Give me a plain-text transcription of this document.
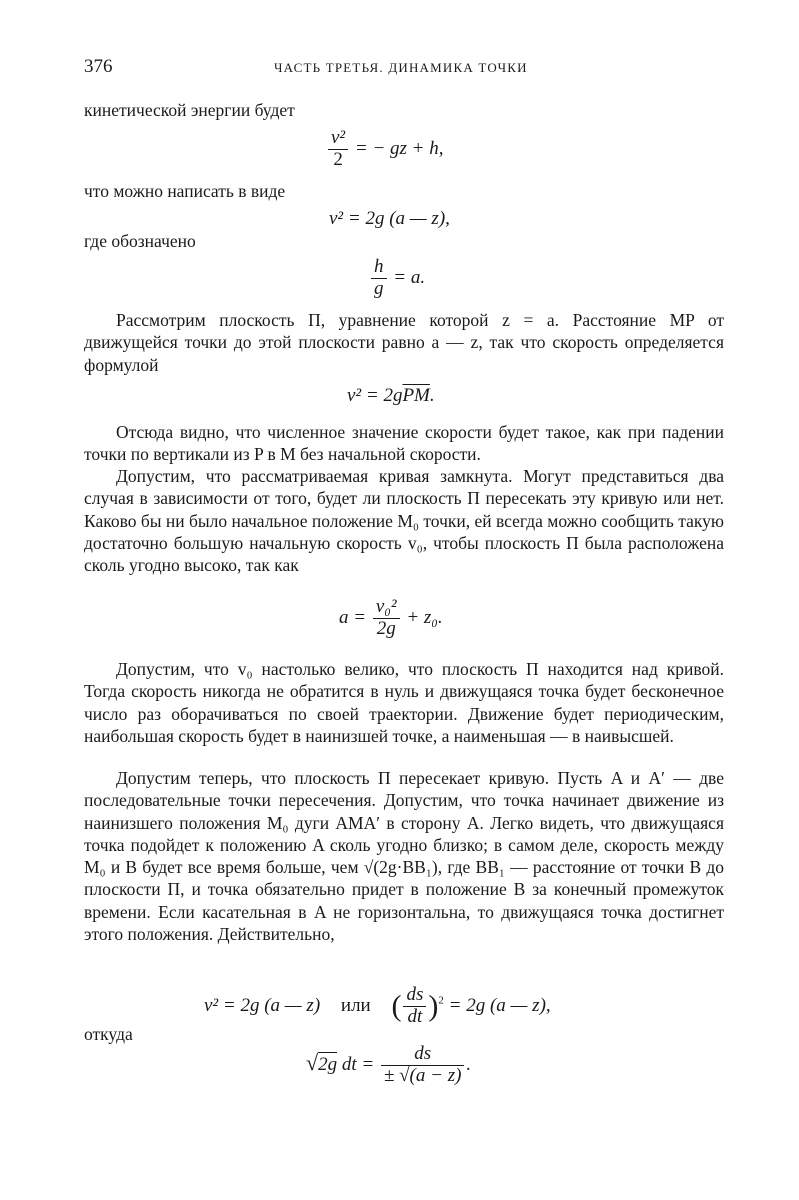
376	ЧАСТЬ ТРЕТЬЯ. ДИНАМИКА ТОЧКИ
кинетической энергии будет
$\frac{\text{v²}}{2}$ = − gz + h,
что можно написать в виде
v² = 2g (a — z),
где обозначено
$\frac{h}{g} = a$.
Рассмотрим плоскость П, уравнение которой z = a. Расстояние MP от движущейся точки до этой плоскости равно a — z, так что скорость определяется формулой
$v^2 = 2g\overline{PM}$.
Отсюда видно, что численное значение скорости будет такое, как при падении точки по вертикали из P в M без начальной скорости.
Допустим, что рассматриваемая кривая замкнута. Могут представиться два случая в зависимости от того, будет ли плоскость П пересекать эту кривую или нет. Каково бы ни было начальное положение M₀ точки, ей всегда можно сообщить такую достаточно большую начальную скорость v₀, чтобы плоскость П была расположена сколь угодно высоко, так как
$a = \frac{\text{v₀²}}{2g} + z_0$.
Допустим, что v₀ настолько велико, что плоскость П находится над кривой. Тогда скорость никогда не обратится в нуль и движущаяся точка будет бесконечное число раз оборачиваться по своей траектории. Движение будет периодическим, наибольшая скорость будет в наинизшей точке, а наименьшая — в наивысшей.
Допустим теперь, что плоскость П пересекает кривую. Пусть A и A′ — две последовательные точки пересечения. Допустим, что точка начинает движение из наинизшего положения M₀ дуги AMA′ в сторону A. Легко видеть, что движущаяся точка подойдет к положению A сколь угодно близко; в самом деле, скорость между M₀ и B будет все время больше, чем √(2g·BB₁), где BB₁ — расстояние от точки B до плоскости П, и точка обязательно придет в положение B за конечный промежуток времени. Если касательная в A не горизонтальна, то движущаяся точка достигнет этого положения. Действительно,
v² = 2g (a — z) или ( $\frac{ds}{dt} )^2 = 2g$ (a — z),
откуда
√2g dt = $\frac{ds}{\pm √(a - z)}$ .
